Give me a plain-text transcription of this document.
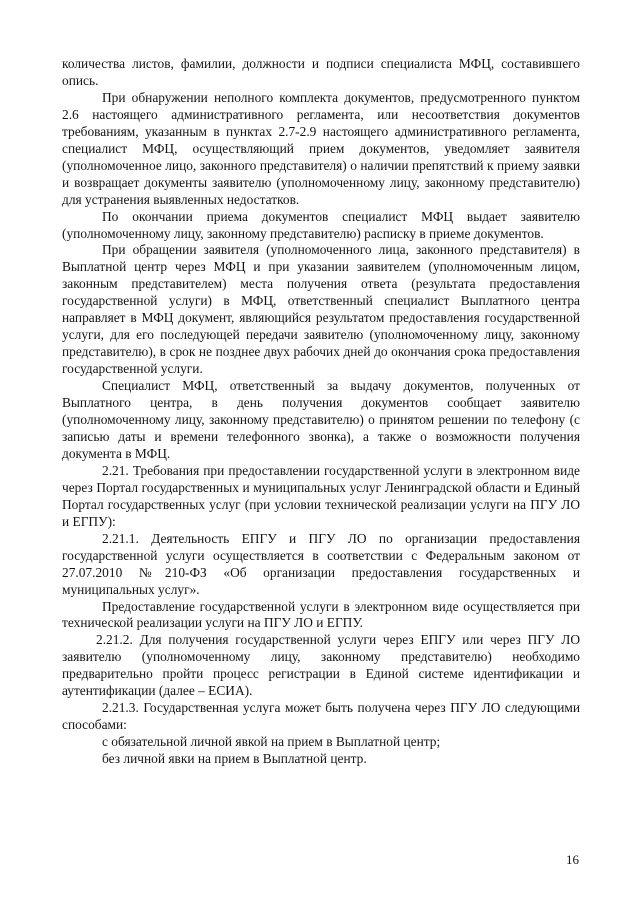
количества листов, фамилии, должности и подписи специалиста МФЦ, составившего опись.

При обнаружении неполного комплекта документов, предусмотренного пунктом 2.6 настоящего административного регламента, или несоответствия документов требованиям, указанным в пунктах 2.7-2.9 настоящего административного регламента, специалист МФЦ, осуществляющий прием документов, уведомляет заявителя (уполномоченное лицо, законного представителя) о наличии препятствий к приему заявки и возвращает документы заявителю (уполномоченному лицу, законному представителю) для устранения выявленных недостатков.

По окончании приема документов специалист МФЦ выдает заявителю (уполномоченному лицу, законному представителю) расписку в приеме документов.

При обращении заявителя (уполномоченного лица, законного представителя) в Выплатной центр через МФЦ и при указании заявителем (уполномоченным лицом, законным представителем) места получения ответа (результата предоставления государственной услуги) в МФЦ, ответственный специалист Выплатного центра направляет в МФЦ документ, являющийся результатом предоставления государственной услуги, для его последующей передачи заявителю (уполномоченному лицу, законному представителю), в срок не позднее двух рабочих дней до окончания срока предоставления государственной услуги.

Специалист МФЦ, ответственный за выдачу документов, полученных от Выплатного центра, в день получения документов сообщает заявителю (уполномоченному лицу, законному представителю) о принятом решении по телефону (с записью даты и времени телефонного звонка), а также о возможности получения документа в МФЦ.

2.21. Требования при предоставлении государственной услуги в электронном виде через Портал государственных и муниципальных услуг Ленинградской области и Единый Портал государственных услуг (при условии технической реализации услуги на ПГУ ЛО и ЕГПУ):

2.21.1. Деятельность ЕПГУ и ПГУ ЛО по организации предоставления государственной услуги осуществляется в соответствии с Федеральным законом от 27.07.2010 №210-ФЗ «Об организации предоставления государственных и муниципальных услуг».

Предоставление государственной услуги в электронном виде осуществляется при технической реализации услуги на ПГУ ЛО и ЕГПУ.

2.21.2. Для получения государственной услуги через ЕПГУ или через ПГУ ЛО заявителю (уполномоченному лицу, законному представителю) необходимо предварительно пройти процесс регистрации в Единой системе идентификации и аутентификации (далее – ЕСИА).

2.21.3. Государственная услуга может быть получена через ПГУ ЛО следующими способами:

с обязательной личной явкой на прием в Выплатной центр;

без личной явки на прием в Выплатной центр.

16
